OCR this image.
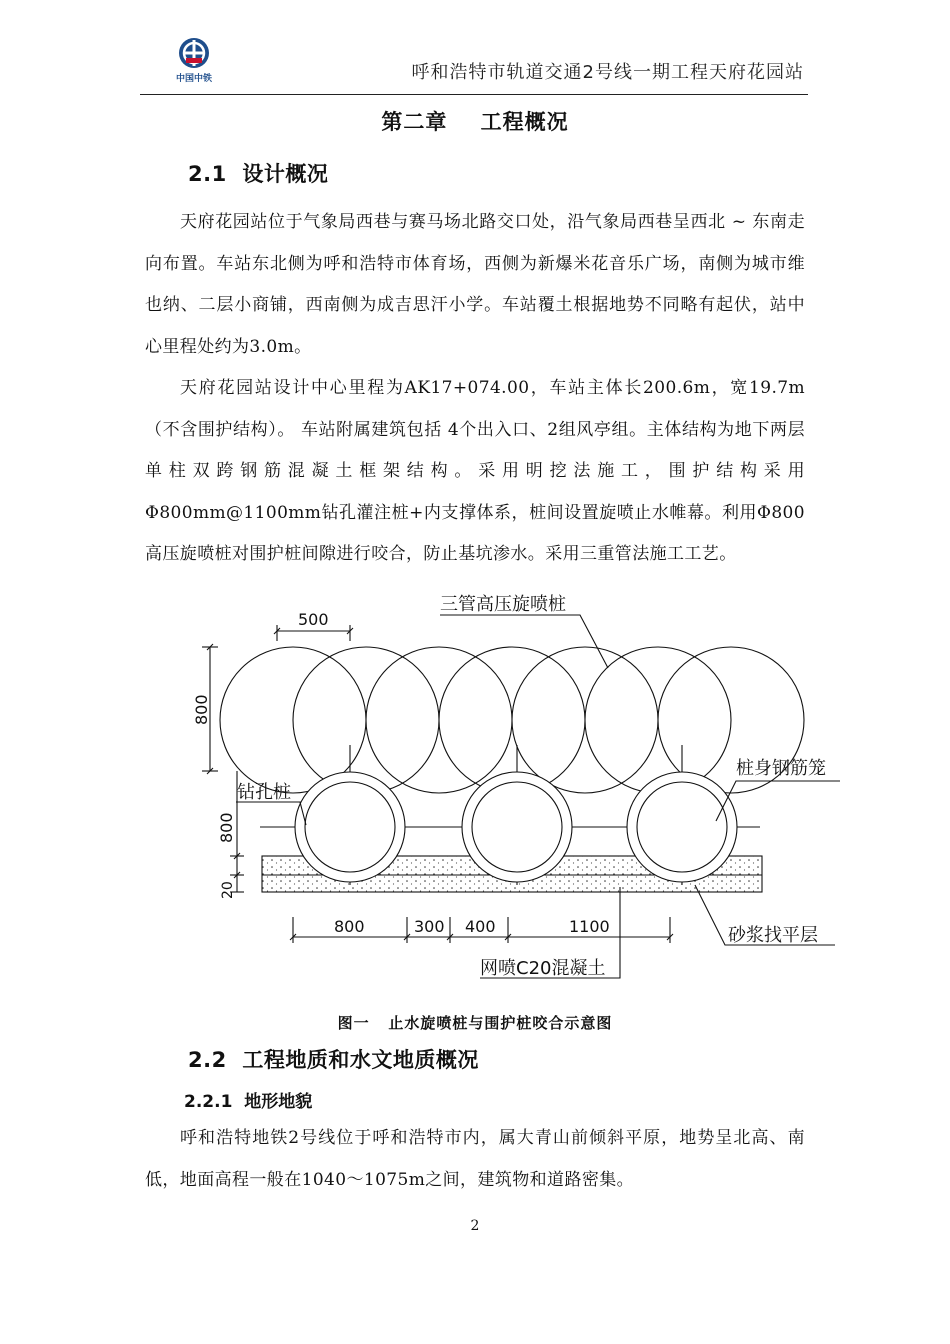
中国中铁	呼和浩特市轨道交通2号线一期工程天府花园站
第二章    工程概况
2.1  设计概况
天府花园站位于气象局西巷与赛马场北路交口处，沿气象局西巷呈西北 ~ 东南走向布置。车站东北侧为呼和浩特市体育场，西侧为新爆米花音乐广场，南侧为城市维也纳、二层小商铺，西南侧为成吉思汗小学。车站覆土根据地势不同略有起伏，站中心里程处约为3.0m。
天府花园站设计中心里程为AK17+074.00，车站主体长200.6m，宽19.7m（不含围护结构）。 车站附属建筑包括 4个出入口、2组风亭组。主体结构为地下两层单柱双跨钢筋混凝土框架结构。采用明挖法施工，围护结构采用 Φ800mm@1100mm钻孔灌注桩+内支撑体系，桩间设置旋喷止水帷幕。利用Φ800高压旋喷桩对围护桩间隙进行咬合，防止基坑渗水。采用三重管法施工工艺。
三管高压旋喷桩
桩身钢筋笼
钻孔桩
砂浆找平层
网喷C20混凝土
500
800
800
20
800	300 400	1100
图一   止水旋喷桩与围护桩咬合示意图
2.2  工程地质和水文地质概况
2.2.1  地形地貌
呼和浩特地铁2号线位于呼和浩特市内，属大青山前倾斜平原，地势呈北高、南低，地面高程一般在1040～1075m之间，建筑物和道路密集。
2
